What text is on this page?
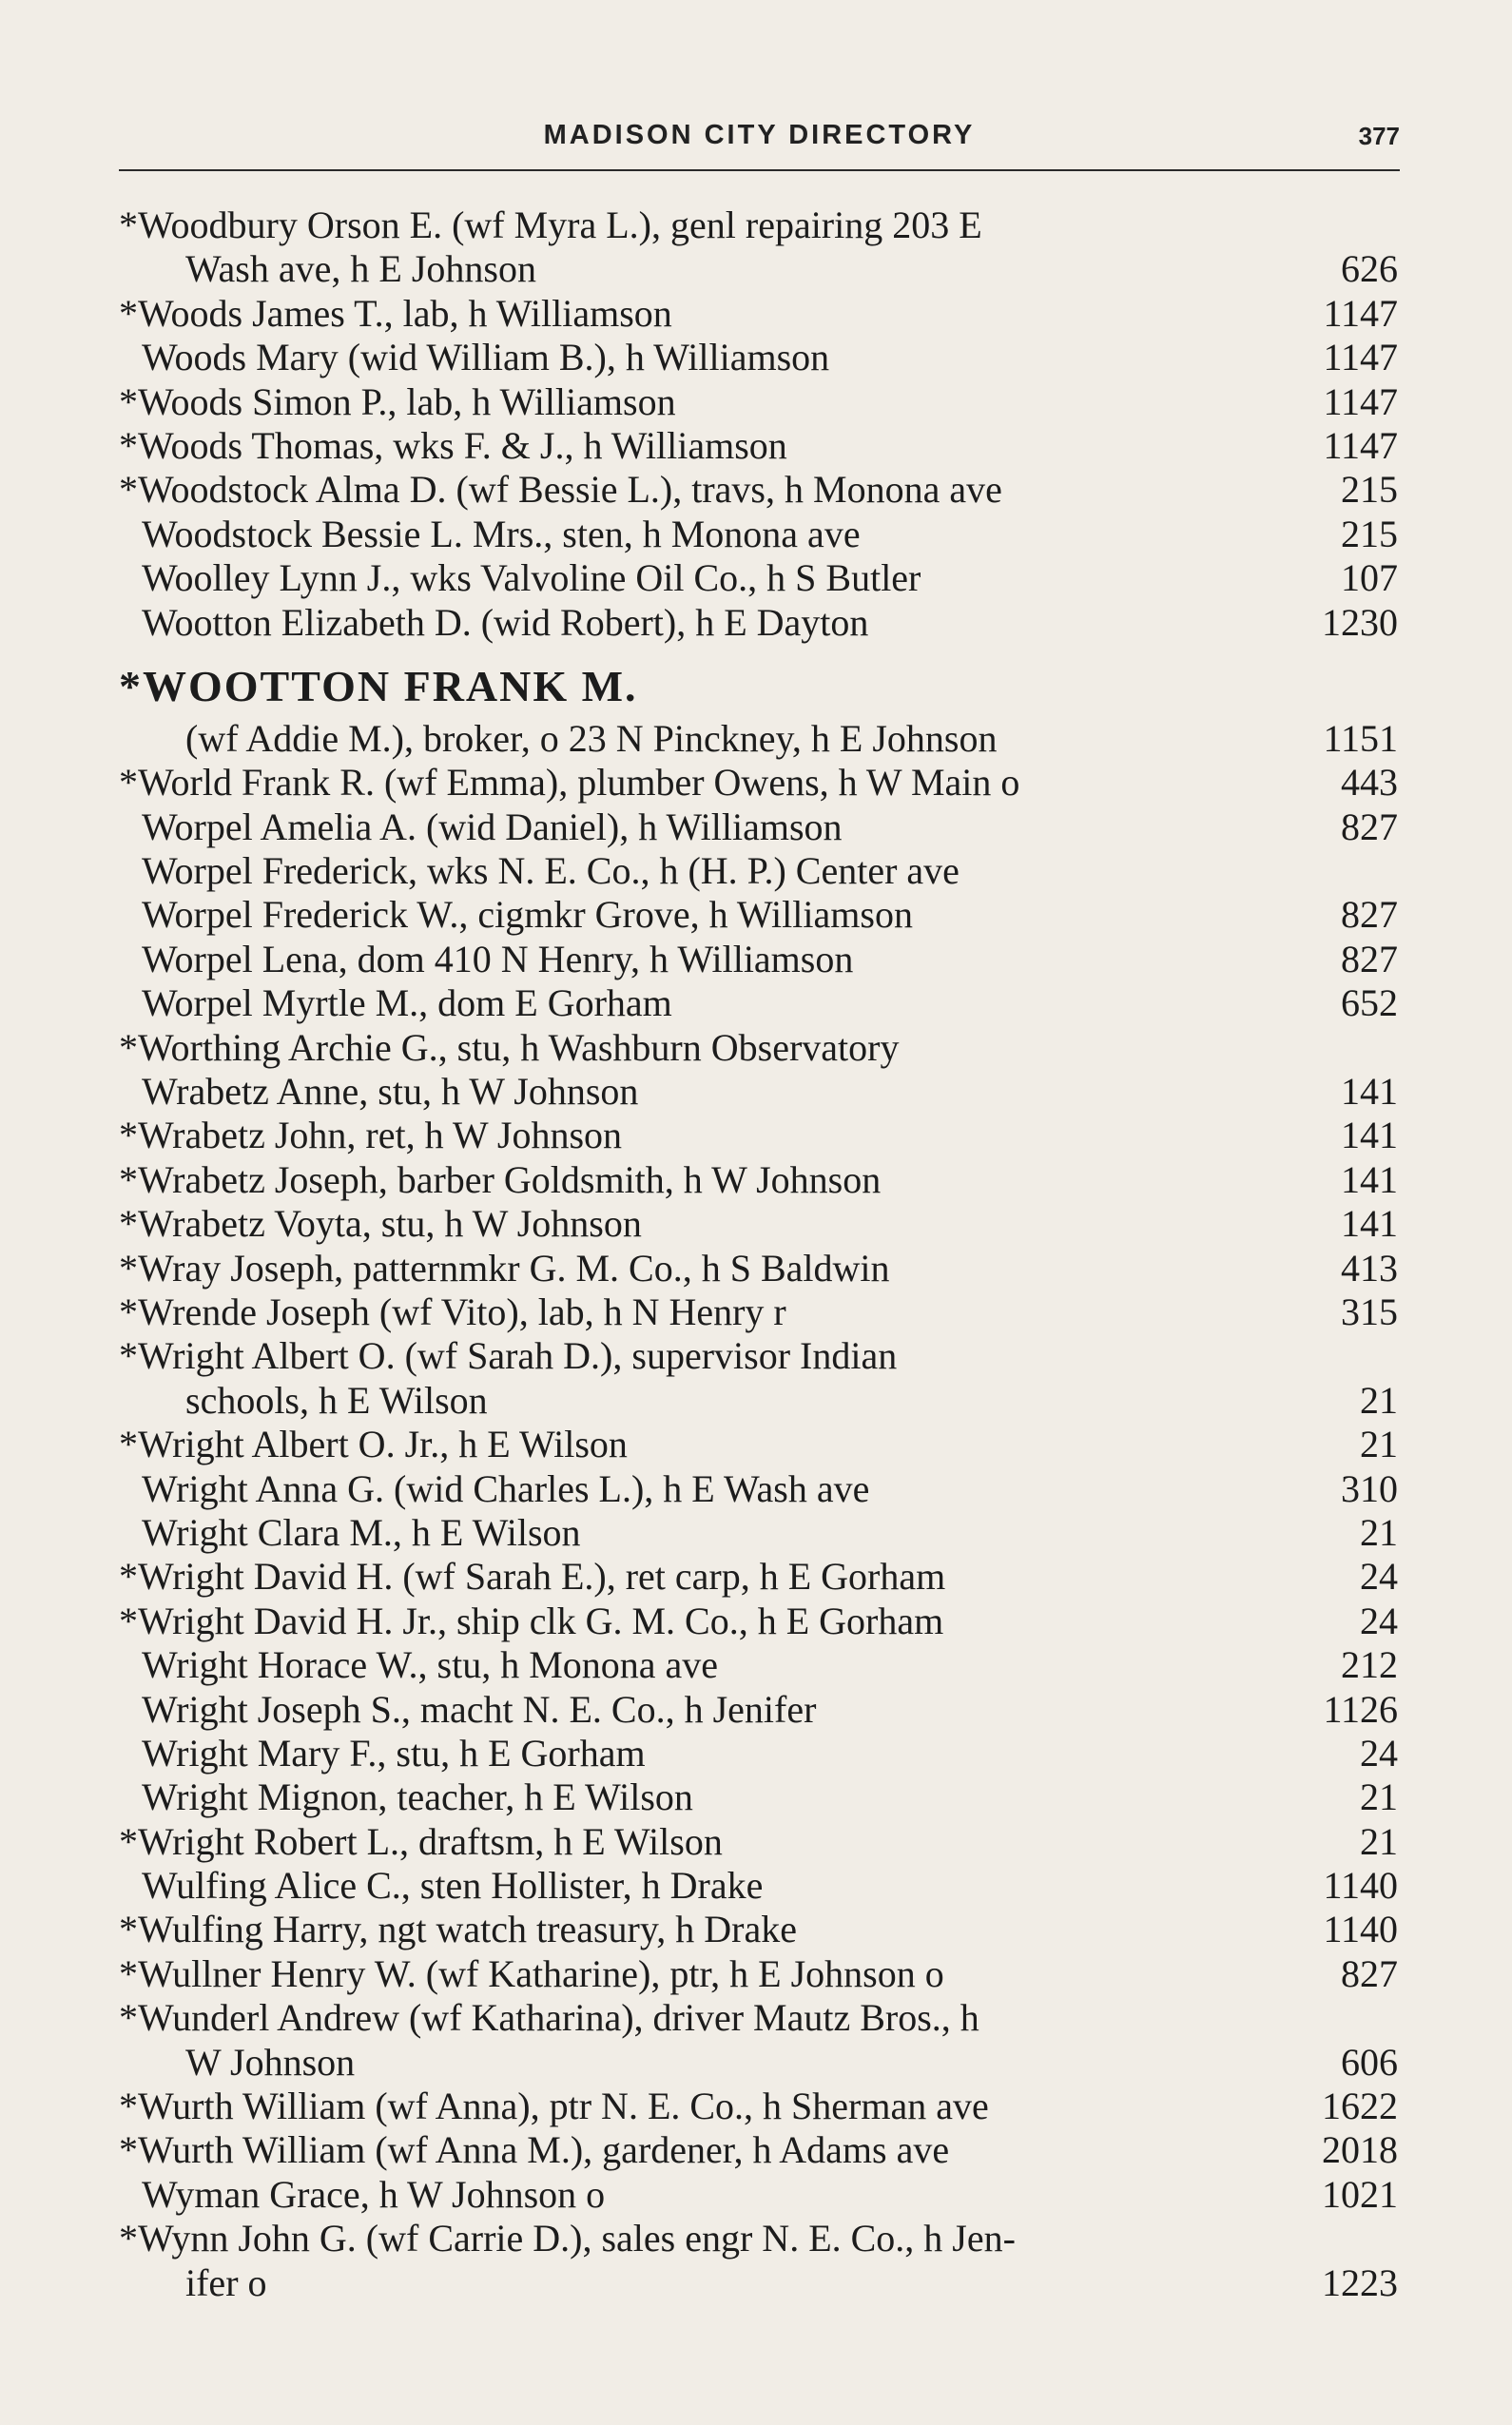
MADISON CITY DIRECTORY	377
*Woodbury Orson E. (wf Myra L.), genl repairing 203 E
Wash ave, h E Johnson	626
*Woods James T., lab, h Williamson	1147
Woods Mary (wid William B.), h Williamson	1147
*Woods Simon P., lab, h Williamson	1147
*Woods Thomas, wks F. & J., h Williamson	1147
*Woodstock Alma D. (wf Bessie L.), travs, h Monona ave	215
Woodstock Bessie L. Mrs., sten, h Monona ave	215
Woolley Lynn J., wks Valvoline Oil Co., h S Butler	107
Wootton Elizabeth D. (wid Robert), h E Dayton	1230
*WOOTTON FRANK M.
(wf Addie M.), broker, o 23 N Pinckney, h E Johnson	1151
*World Frank R. (wf Emma), plumber Owens, h W Main o	443
Worpel Amelia A. (wid Daniel), h Williamson	827
Worpel Frederick, wks N. E. Co., h (H. P.) Center ave
Worpel Frederick W., cigmkr Grove, h Williamson	827
Worpel Lena, dom 410 N Henry, h Williamson	827
Worpel Myrtle M., dom E Gorham	652
*Worthing Archie G., stu, h Washburn Observatory
Wrabetz Anne, stu, h W Johnson	141
*Wrabetz John, ret, h W Johnson	141
*Wrabetz Joseph, barber Goldsmith, h W Johnson	141
*Wrabetz Voyta, stu, h W Johnson	141
*Wray Joseph, patternmkr G. M. Co., h S Baldwin	413
*Wrende Joseph (wf Vito), lab, h N Henry r	315
*Wright Albert O. (wf Sarah D.), supervisor Indian
schools, h E Wilson	21
*Wright Albert O. Jr., h E Wilson	21
Wright Anna G. (wid Charles L.), h E Wash ave	310
Wright Clara M., h E Wilson	21
*Wright David H. (wf Sarah E.), ret carp, h E Gorham	24
*Wright David H. Jr., ship clk G. M. Co., h E Gorham	24
Wright Horace W., stu, h Monona ave	212
Wright Joseph S., macht N. E. Co., h Jenifer	1126
Wright Mary F., stu, h E Gorham	24
Wright Mignon, teacher, h E Wilson	21
*Wright Robert L., draftsm, h E Wilson	21
Wulfing Alice C., sten Hollister, h Drake	1140
*Wulfing Harry, ngt watch treasury, h Drake	1140
*Wullner Henry W. (wf Katharine), ptr, h E Johnson o	827
*Wunderl Andrew (wf Katharina), driver Mautz Bros., h
W Johnson	606
*Wurth William (wf Anna), ptr N. E. Co., h Sherman ave	1622
*Wurth William (wf Anna M.), gardener, h Adams ave	2018
Wyman Grace, h W Johnson o	1021
*Wynn John G. (wf Carrie D.), sales engr N. E. Co., h Jen-
ifer o	1223
